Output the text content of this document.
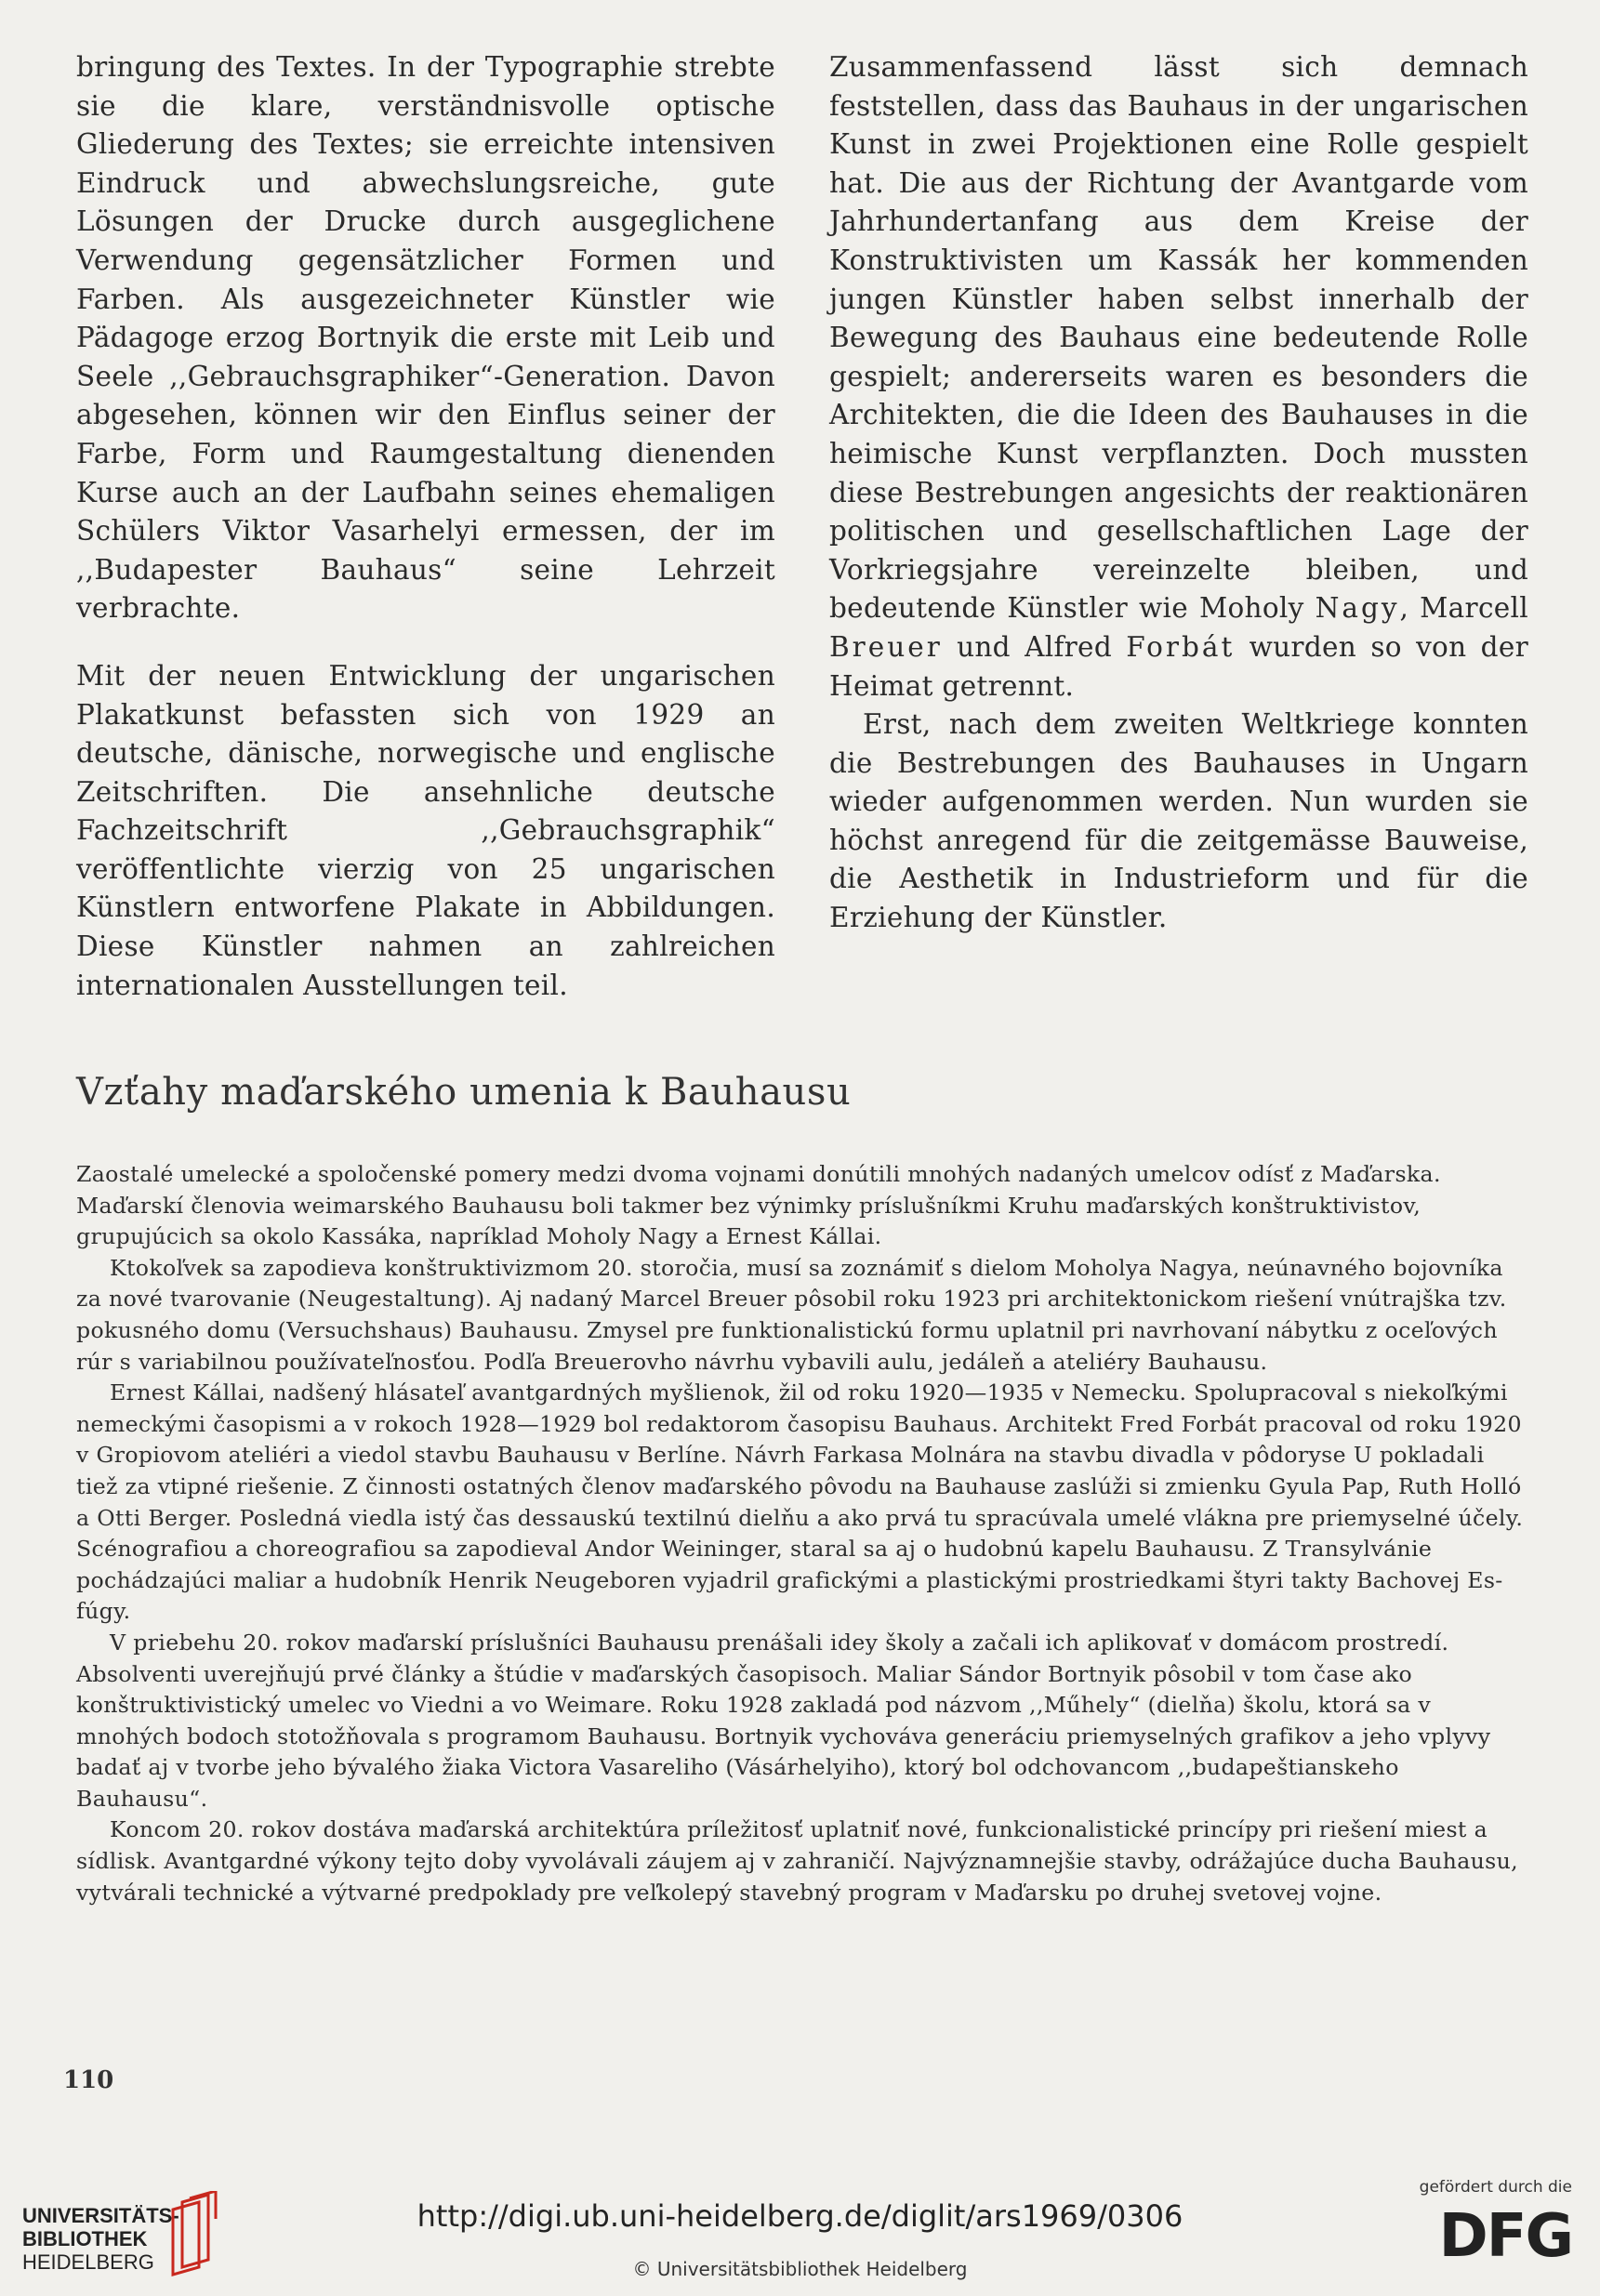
bringung des Textes. In der Typographie strebte sie die klare, verständnisvolle optische Gliederung des Textes; sie erreichte intensiven Eindruck und abwechslungsreiche, gute Lösungen der Drucke durch ausgeglichene Verwendung gegensätzlicher Formen und Farben. Als ausgezeichneter Künstler wie Pädagoge erzog Bortnyik die erste mit Leib und Seele ,,Gebrauchsgraphiker“-Generation. Davon abgesehen, können wir den Einflus seiner der Farbe, Form und Raumgestaltung dienenden Kurse auch an der Laufbahn seines ehemaligen Schülers Viktor Vasarhelyi ermessen, der im ,,Budapester Bauhaus“ seine Lehrzeit verbrachte.

Mit der neuen Entwicklung der ungarischen Plakatkunst befassten sich von 1929 an deutsche, dänische, norwegische und englische Zeitschriften. Die ansehnliche deutsche Fachzeitschrift ,,Gebrauchsgraphik“ veröffentlichte vierzig von 25 ungarischen Künstlern entworfene Plakate in Abbildungen. Diese Künstler nahmen an zahlreichen internationalen Ausstellungen teil.

Zusammenfassend lässt sich demnach feststellen, dass das Bauhaus in der ungarischen Kunst in zwei Projektionen eine Rolle gespielt hat. Die aus der Richtung der Avantgarde vom Jahrhundertanfang aus dem Kreise der Konstruktivisten um Kassák her kommenden jungen Künstler haben selbst innerhalb der Bewegung des Bauhaus eine bedeutende Rolle gespielt; andererseits waren es besonders die Architekten, die die Ideen des Bauhauses in die heimische Kunst verpflanzten. Doch mussten diese Bestrebungen angesichts der reaktionären politischen und gesellschaftlichen Lage der Vorkriegsjahre vereinzelte bleiben, und bedeutende Künstler wie Moholy Nagy, Marcell Breuer und Alfred Forbát wurden so von der Heimat getrennt.

Erst, nach dem zweiten Weltkriege konnten die Bestrebungen des Bauhauses in Ungarn wieder aufgenommen werden. Nun wurden sie höchst anregend für die zeitgemässe Bauweise, die Aesthetik in Industrieform und für die Erziehung der Künstler.

Vzťahy maďarského umenia k Bauhausu

Zaostalé umelecké a spoločenské pomery medzi dvoma vojnami donútili mnohých nadaných umelcov odísť z Maďarska. Maďarskí členovia weimarského Bauhausu boli takmer bez výnimky príslušníkmi Kruhu maďarských konštruktivistov, grupujúcich sa okolo Kassáka, napríklad Moholy Nagy a Ernest Kállai.

Ktokoľvek sa zapodieva konštruktivizmom 20. storočia, musí sa zoznámiť s dielom Moholya Nagya, neúnavného bojovníka za nové tvarovanie (Neugestaltung). Aj nadaný Marcel Breuer pôsobil roku 1923 pri architektonickom riešení vnútrajška tzv. pokusného domu (Versuchshaus) Bauhausu. Zmysel pre funktionalistickú formu uplatnil pri navrhovaní nábytku z oceľových rúr s variabilnou používateľnosťou. Podľa Breuerovho návrhu vybavili aulu, jedáleň a ateliéry Bauhausu.

Ernest Kállai, nadšený hlásateľ avantgardných myšlienok, žil od roku 1920—1935 v Nemecku. Spolupracoval s niekoľkými nemeckými časopismi a v rokoch 1928—1929 bol redaktorom časopisu Bauhaus. Architekt Fred Forbát pracoval od roku 1920 v Gropiovom ateliéri a viedol stavbu Bauhausu v Berlíne. Návrh Farkasa Molnára na stavbu divadla v pôdoryse U pokladali tiež za vtipné riešenie. Z činnosti ostatných členov maďarského pôvodu na Bauhause zaslúži si zmienku Gyula Pap, Ruth Holló a Otti Berger. Posledná viedla istý čas dessauskú textilnú dielňu a ako prvá tu spracúvala umelé vlákna pre priemyselné účely. Scénografiou a choreografiou sa zapodieval Andor Weininger, staral sa aj o hudobnú kapelu Bauhausu. Z Transylvánie pochádzajúci maliar a hudobník Henrik Neugeboren vyjadril grafickými a plastickými prostriedkami štyri takty Bachovej Es-fúgy.

V priebehu 20. rokov maďarskí príslušníci Bauhausu prenášali idey školy a začali ich aplikovať v domácom prostredí. Absolventi uverejňujú prvé články a štúdie v maďarských časopisoch. Maliar Sándor Bortnyik pôsobil v tom čase ako konštruktivistický umelec vo Viedni a vo Weimare. Roku 1928 zakladá pod názvom ,,Műhely“ (dielňa) školu, ktorá sa v mnohých bodoch stotožňovala s programom Bauhausu. Bortnyik vychováva generáciu priemyselných grafikov a jeho vplyvy badať aj v tvorbe jeho bývalého žiaka Victora Vasareliho (Vásárhelyiho), ktorý bol odchovancom ,,budapeštianskeho Bauhausu“.

Koncom 20. rokov dostáva maďarská architektúra príležitosť uplatniť nové, funkcionalistické princípy pri riešení miest a sídlisk. Avantgardné výkony tejto doby vyvolávali záujem aj v zahraničí. Najvýznamnejšie stavby, odrážajúce ducha Bauhausu, vytvárali technické a výtvarné predpoklady pre veľkolepý stavebný program v Maďarsku po druhej svetovej vojne.

110
UNIVERSITÄTS-
BIBLIOTHEK
HEIDELBERG
http://digi.ub.uni-heidelberg.de/diglit/ars1969/0306
© Universitätsbibliothek Heidelberg
gefördert durch die
DFG
